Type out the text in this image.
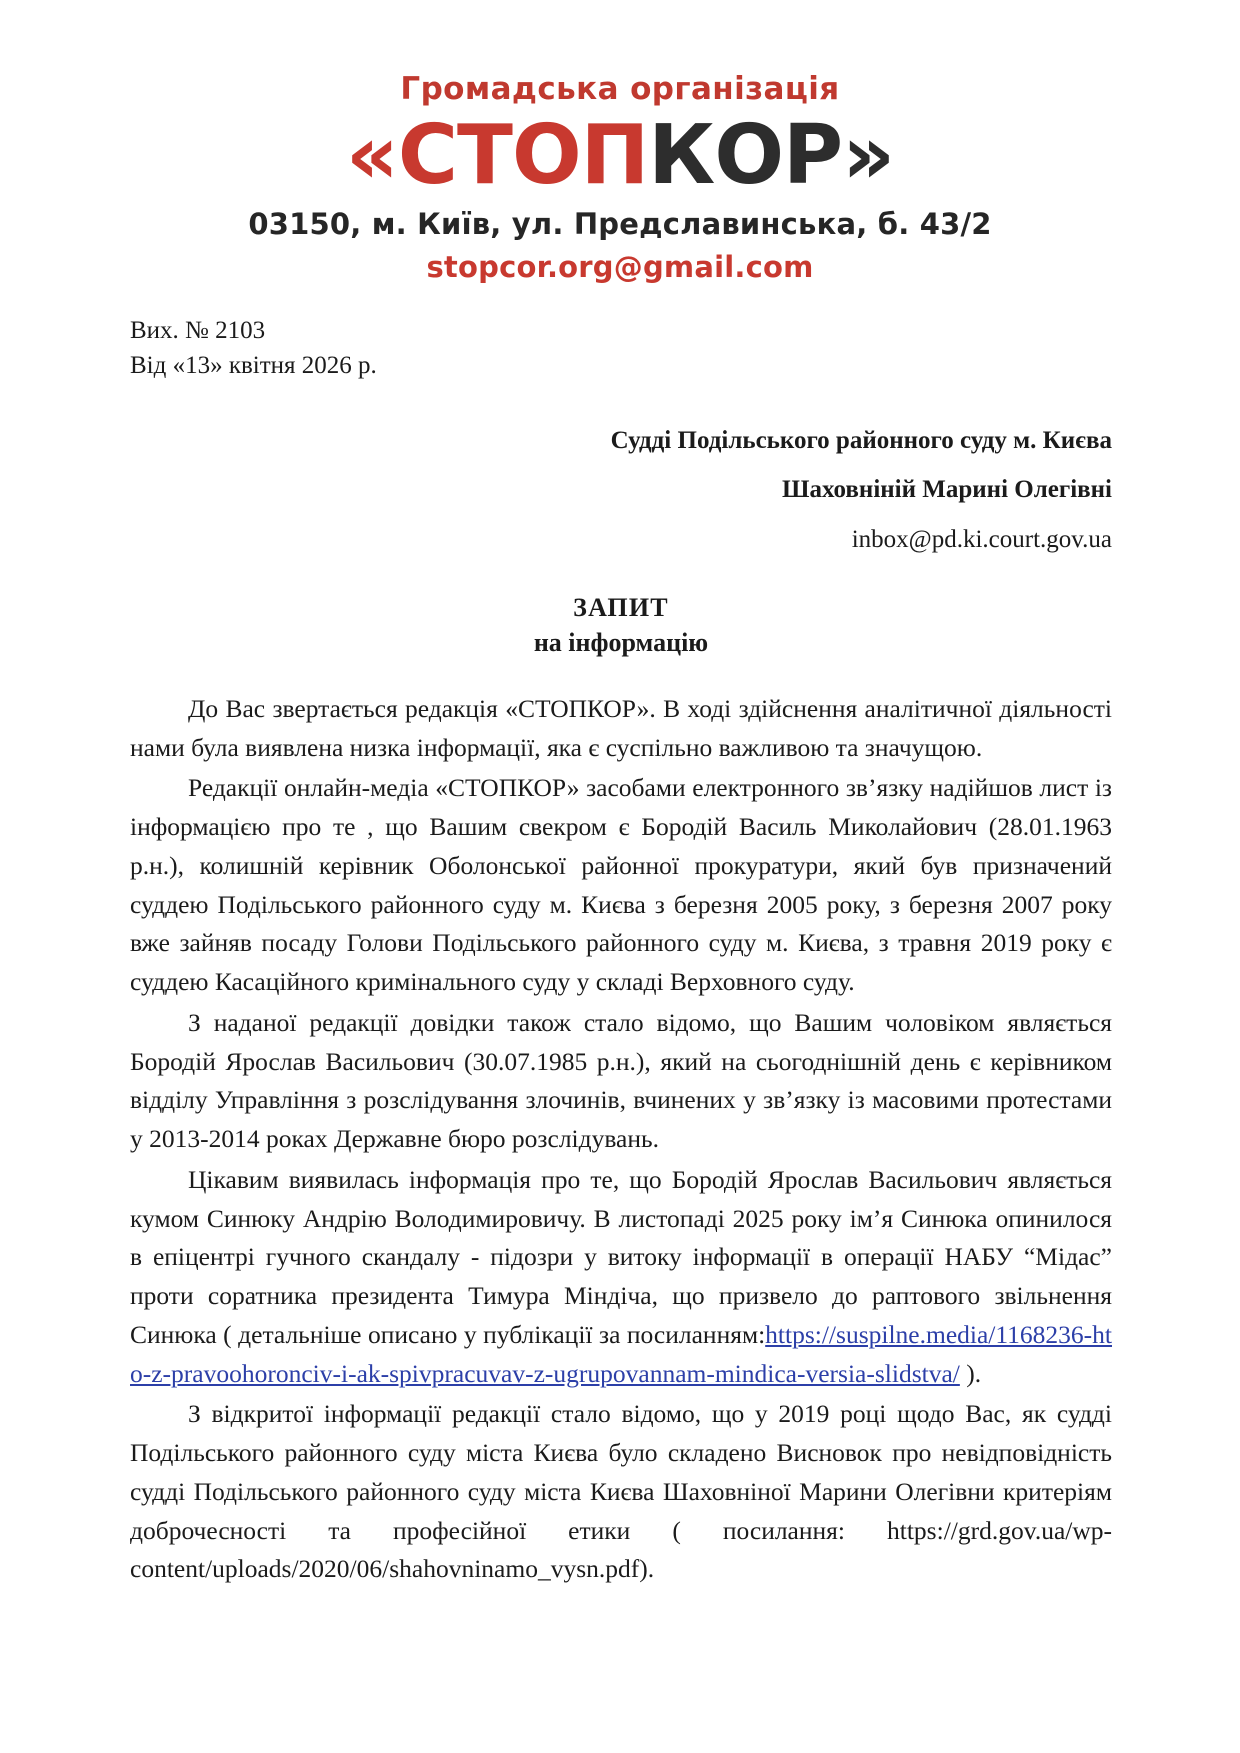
Громадська організація
«СТОПКОР»
03150, м. Київ, ул. Предславинська, б. 43/2
stopcor.org@gmail.com
Вих. № 2103
Від «13» квітня 2026 р.
Судді Подільського районного суду м. Києва
Шаховніній Марині Олегівні
inbox@pd.ki.court.gov.ua
ЗАПИТ
на інформацію

До Вас звертається редакція «СТОПКОР». В ході здійснення аналітичної діяльності нами була виявлена низка інформації, яка є суспільно важливою та значущою.

Редакції онлайн-медіа «СТОПКОР» засобами електронного зв’язку надійшов лист із інформацією про те , що Вашим свекром є Бородій Василь Миколайович (28.01.1963 р.н.), колишній керівник Оболонської районної прокуратури, який був призначений суддею Подільського районного суду м. Києва з березня 2005 року, з березня 2007 року вже зайняв посаду Голови Подільського районного суду м. Києва, з травня 2019 року є суддею Касаційного кримінального суду у складі Верховного суду.

З наданої редакції довідки також стало відомо, що Вашим чоловіком являється Бородій Ярослав Васильович (30.07.1985 р.н.), який на сьогоднішній день є керівником відділу Управління з розслідування злочинів, вчинених у зв’язку із масовими протестами у 2013-2014 роках Державне бюро розслідувань.

Цікавим виявилась інформація про те, що Бородій Ярослав Васильович являється кумом Синюку Андрію Володимировичу. В листопаді 2025 року ім’я Синюка опинилося в епіцентрі гучного скандалу - підозри у витоку інформації в операції НАБУ “Мідас” проти соратника президента Тимура Міндіча, що призвело до раптового звільнення Синюка ( детальніше описано у публікації за посиланням:https://suspilne.media/1168236-hto-z-pravoohoronciv-i-ak-spivpracuvav-z-ugrupovannam-mindica-versia-slidstva/ ).

З відкритої інформації редакції стало відомо, що у 2019 році щодо Вас, як судді Подільського районного суду міста Києва було складено Висновок про невідповідність судді Подільського районного суду міста Києва Шаховніної Марини Олегівни критеріям доброчесності та професійної етики ( посилання: https://grd.gov.ua/wp-content/uploads/2020/06/shahovninamo_vysn.pdf).
